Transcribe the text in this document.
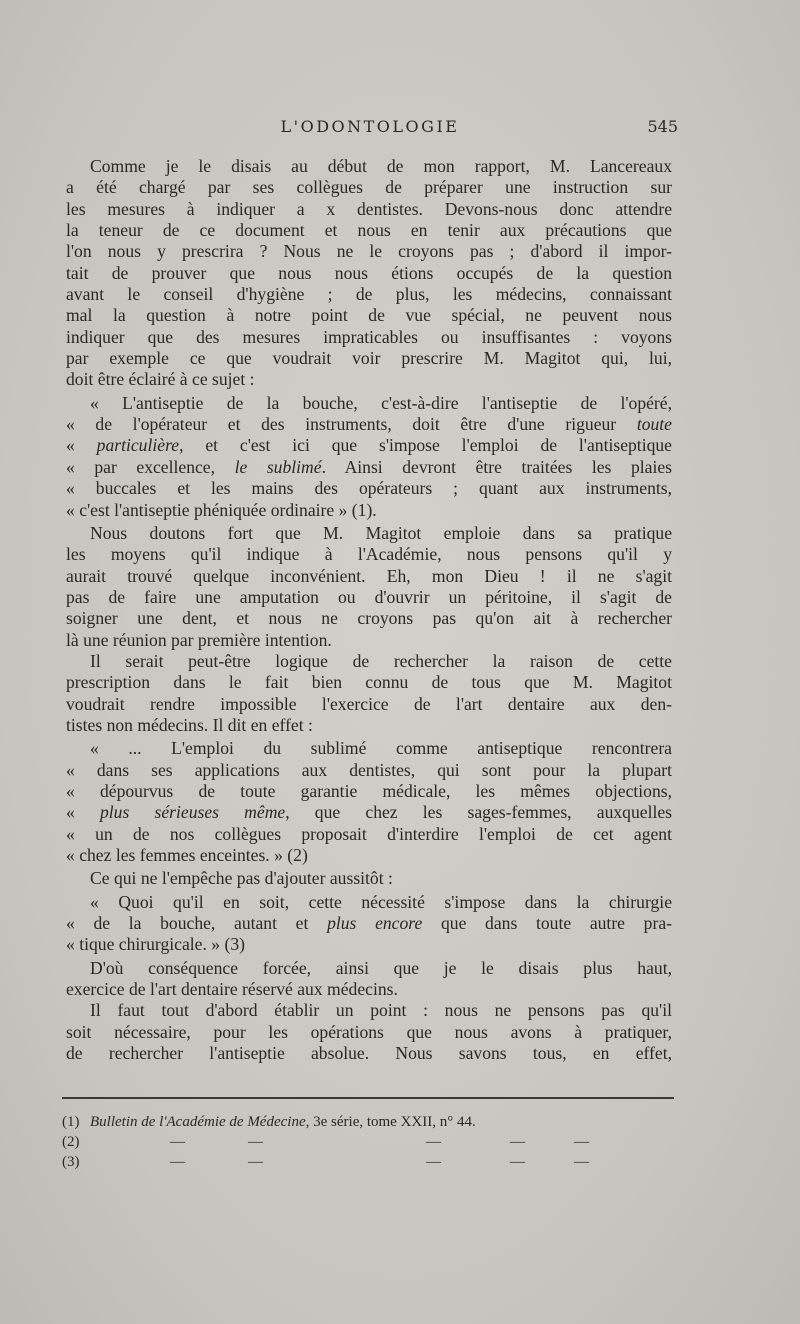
L'ODONTOLOGIE	545
Comme je le disais au début de mon rapport, M. Lancereaux
a été chargé par ses collègues de préparer une instruction sur
les mesures à indiquer a x dentistes. Devons-nous donc attendre
la teneur de ce document et nous en tenir aux précautions que
l'on nous y prescrira ? Nous ne le croyons pas ; d'abord il impor-
tait de prouver que nous nous étions occupés de la question
avant le conseil d'hygiène ; de plus, les médecins, connaissant
mal la question à notre point de vue spécial, ne peuvent nous
indiquer que des mesures impraticables ou insuffisantes : voyons
par exemple ce que voudrait voir prescrire M. Magitot qui, lui,
doit être éclairé à ce sujet :
« L'antiseptie de la bouche, c'est-à-dire l'antiseptie de l'opéré,
« de l'opérateur et des instruments, doit être d'une rigueur toute
« particulière, et c'est ici que s'impose l'emploi de l'antiseptique
« par excellence, le sublimé. Ainsi devront être traitées les plaies
« buccales et les mains des opérateurs ; quant aux instruments,
« c'est l'antiseptie phéniquée ordinaire » (1).
Nous doutons fort que M. Magitot emploie dans sa pratique
les moyens qu'il indique à l'Académie, nous pensons qu'il y
aurait trouvé quelque inconvénient. Eh, mon Dieu ! il ne s'agit
pas de faire une amputation ou d'ouvrir un péritoine, il s'agit de
soigner une dent, et nous ne croyons pas qu'on ait à rechercher
là une réunion par première intention.
Il serait peut-être logique de rechercher la raison de cette
prescription dans le fait bien connu de tous que M. Magitot
voudrait rendre impossible l'exercice de l'art dentaire aux den-
tistes non médecins. Il dit en effet :
« ... L'emploi du sublimé comme antiseptique rencontrera
« dans ses applications aux dentistes, qui sont pour la plupart
« dépourvus de toute garantie médicale, les mêmes objections,
« plus sérieuses même, que chez les sages-femmes, auxquelles
« un de nos collègues proposait d'interdire l'emploi de cet agent
« chez les femmes enceintes. » (2)
Ce qui ne l'empêche pas d'ajouter aussitôt :
« Quoi qu'il en soit, cette nécessité s'impose dans la chirurgie
« de la bouche, autant et plus encore que dans toute autre pra-
« tique chirurgicale. » (3)
D'où conséquence forcée, ainsi que je le disais plus haut,
exercice de l'art dentaire réservé aux médecins.
Il faut tout d'abord établir un point : nous ne pensons pas qu'il
soit nécessaire, pour les opérations que nous avons à pratiquer,
de rechercher l'antiseptie absolue. Nous savons tous, en effet,
(1) Bulletin de l'Académie de Médecine, 3e série, tome XXII, n° 44.
(2)	—	—	—	—	—
(3)	—	—	—	—	—
